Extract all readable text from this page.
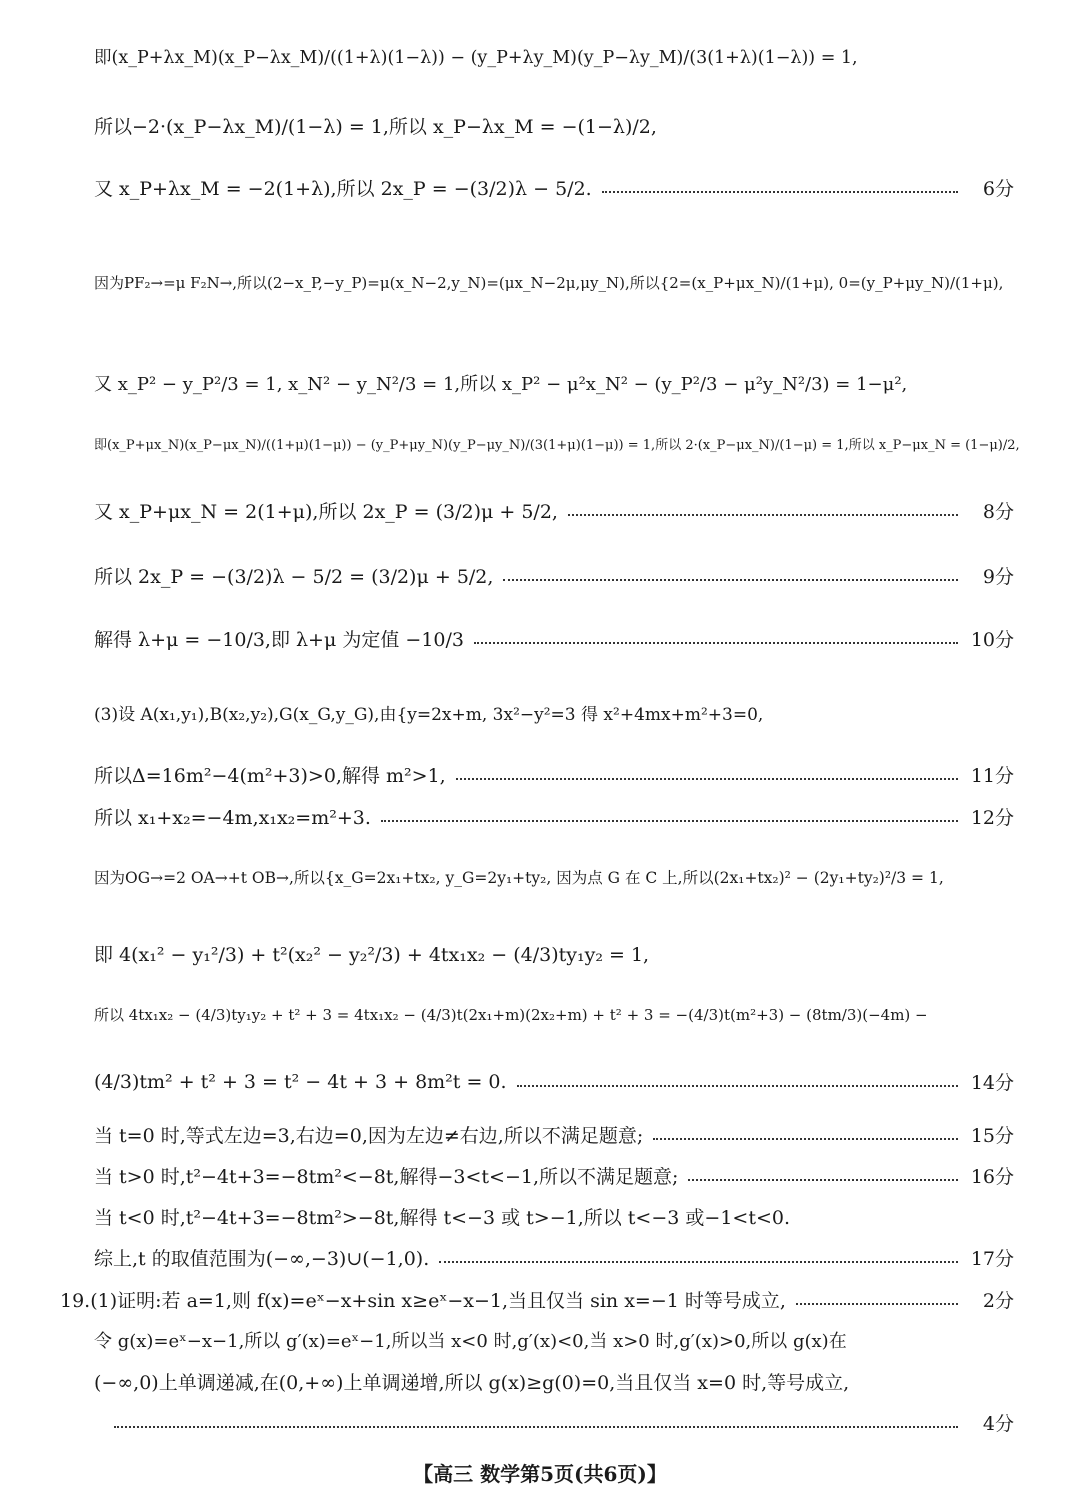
即(x_P+λx_M)(x_P−λx_M)/((1+λ)(1−λ)) − (y_P+λy_M)(y_P−λy_M)/(3(1+λ)(1−λ)) = 1,
所以−2·(x_P−λx_M)/(1−λ) = 1,所以 x_P−λx_M = −(1−λ)/2,
又 x_P+λx_M = −2(1+λ),所以 2x_P = −(3/2)λ − 5/2.	6分
因为PF₂→=μ F₂N→,所以(2−x_P,−y_P)=μ(x_N−2,y_N)=(μx_N−2μ,μy_N),所以{2=(x_P+μx_N)/(1+μ), 0=(y_P+μy_N)/(1+μ),
又 x_P² − y_P²/3 = 1, x_N² − y_N²/3 = 1,所以 x_P² − μ²x_N² − (y_P²/3 − μ²y_N²/3) = 1−μ²,
即(x_P+μx_N)(x_P−μx_N)/((1+μ)(1−μ)) − (y_P+μy_N)(y_P−μy_N)/(3(1+μ)(1−μ)) = 1,所以 2·(x_P−μx_N)/(1−μ) = 1,所以 x_P−μx_N = (1−μ)/2,
又 x_P+μx_N = 2(1+μ),所以 2x_P = (3/2)μ + 5/2,	8分
所以 2x_P = −(3/2)λ − 5/2 = (3/2)μ + 5/2,	9分
解得 λ+μ = −10/3,即 λ+μ 为定值 −10/3	10分
(3)设 A(x₁,y₁),B(x₂,y₂),G(x_G,y_G),由{y=2x+m, 3x²−y²=3 得 x²+4mx+m²+3=0,
所以Δ=16m²−4(m²+3)>0,解得 m²>1,	11分
所以 x₁+x₂=−4m,x₁x₂=m²+3.	12分
因为OG→=2 OA→+t OB→,所以{x_G=2x₁+tx₂, y_G=2y₁+ty₂, 因为点 G 在 C 上,所以(2x₁+tx₂)² − (2y₁+ty₂)²/3 = 1,
即 4(x₁² − y₁²/3) + t²(x₂² − y₂²/3) + 4tx₁x₂ − (4/3)ty₁y₂ = 1,
所以 4tx₁x₂ − (4/3)ty₁y₂ + t² + 3 = 4tx₁x₂ − (4/3)t(2x₁+m)(2x₂+m) + t² + 3 = −(4/3)t(m²+3) − (8tm/3)(−4m) −
(4/3)tm² + t² + 3 = t² − 4t + 3 + 8m²t = 0.	14分
当 t=0 时,等式左边=3,右边=0,因为左边≠右边,所以不满足题意;	15分
当 t>0 时,t²−4t+3=−8tm²<−8t,解得−3<t<−1,所以不满足题意;	16分
当 t<0 时,t²−4t+3=−8tm²>−8t,解得 t<−3 或 t>−1,所以 t<−3 或−1<t<0.
综上,t 的取值范围为(−∞,−3)∪(−1,0).	17分
19.(1)证明:若 a=1,则 f(x)=eˣ−x+sin x≥eˣ−x−1,当且仅当 sin x=−1 时等号成立,	2分
令 g(x)=eˣ−x−1,所以 g′(x)=eˣ−1,所以当 x<0 时,g′(x)<0,当 x>0 时,g′(x)>0,所以 g(x)在
(−∞,0)上单调递减,在(0,+∞)上单调递增,所以 g(x)≥g(0)=0,当且仅当 x=0 时,等号成立,
4分
【高三 数学第5页(共6页)】
